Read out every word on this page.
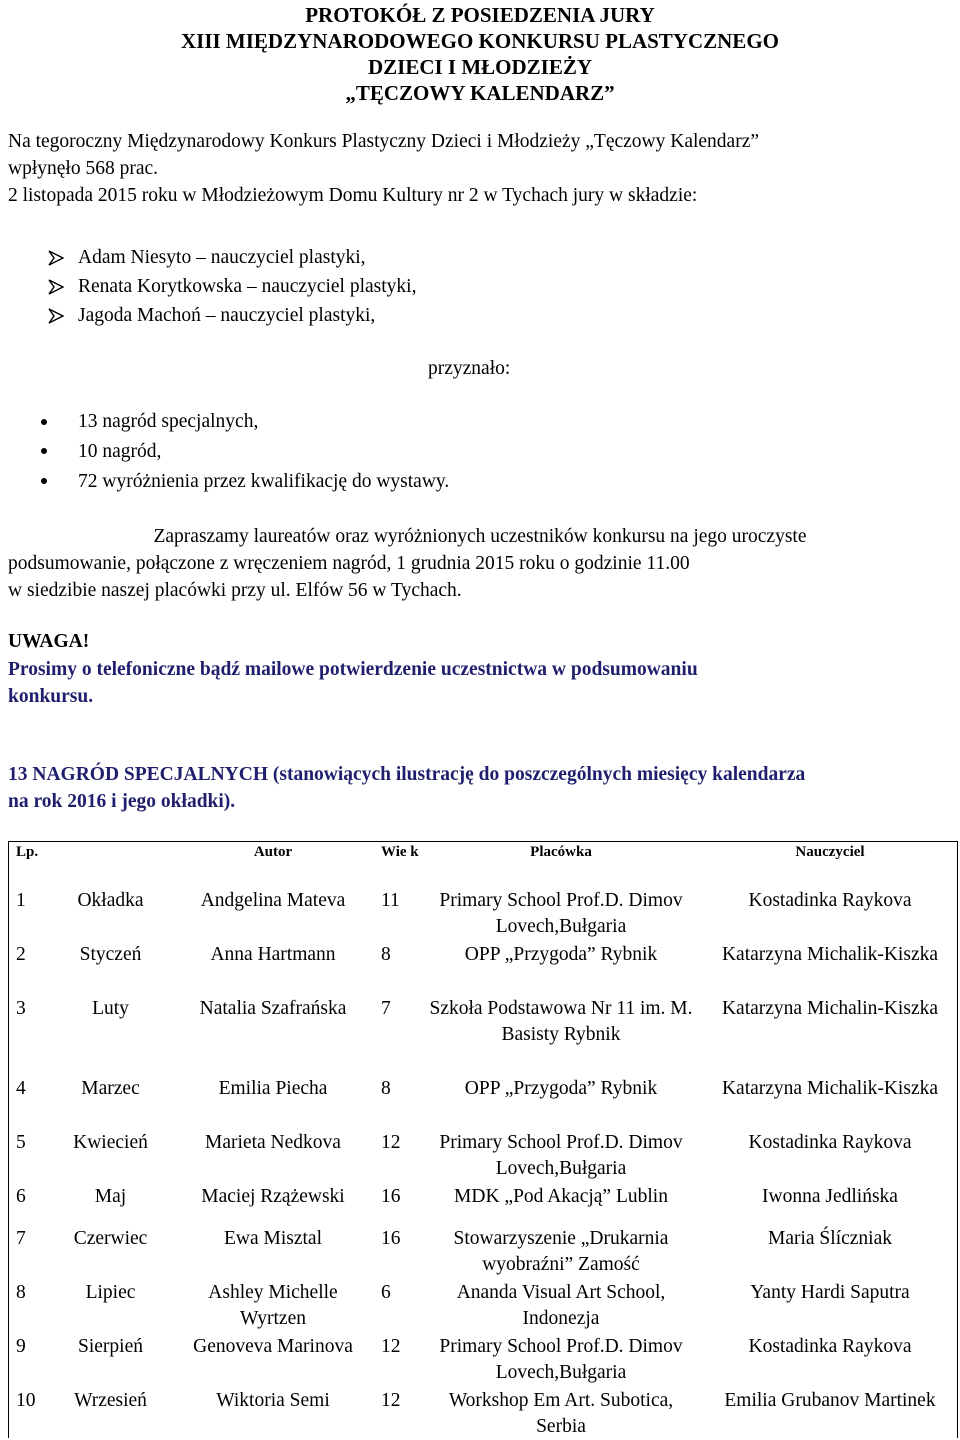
PROTOKÓŁ Z POSIEDZENIA JURY
XIII MIĘDZYNARODOWEGO KONKURSU PLASTYCZNEGO
DZIECI I MŁODZIEŻY
„TĘCZOWY KALENDARZ”
Na tegoroczny Międzynarodowy Konkurs Plastyczny Dzieci i Młodzieży „Tęczowy Kalendarz”
wpłynęło 568 prac.
2 listopada 2015 roku w Młodzieżowym Domu Kultury nr 2 w Tychach jury w składzie:
Adam Niesyto – nauczyciel plastyki,
Renata Korytkowska – nauczyciel plastyki,
Jagoda Machoń – nauczyciel plastyki,
przyznało:
13 nagród specjalnych,
10 nagród,
72 wyróżnienia przez kwalifikację do wystawy.
Zapraszamy laureatów oraz wyróżnionych uczestników konkursu na jego uroczyste
podsumowanie, połączone z wręczeniem nagród, 1 grudnia 2015 roku o godzinie 11.00
w siedzibie naszej placówki przy ul. Elfów 56 w Tychach.
UWAGA!
Prosimy o telefoniczne bądź mailowe potwierdzenie uczestnictwa w podsumowaniu
konkursu.
13 NAGRÓD SPECJALNYCH (stanowiących ilustrację do poszczególnych miesięcy kalendarza
na rok 2016 i jego okładki).
Lp.		Autor	Wie k	Placówka	Nauczyciel
1	Okładka	Andgelina Mateva	11	Primary School Prof.D. Dimov Lovech,Bułgaria	Kostadinka Raykova
2	Styczeń	Anna Hartmann	8	OPP „Przygoda” Rybnik	Katarzyna Michalik-Kiszka
3	Luty	Natalia Szafrańska	7	Szkoła Podstawowa Nr 11 im. M. Basisty Rybnik	Katarzyna Michalin-Kiszka
4	Marzec	Emilia Piecha	8	OPP „Przygoda” Rybnik	Katarzyna Michalik-Kiszka
5	Kwiecień	Marieta Nedkova	12	Primary School Prof.D. Dimov Lovech,Bułgaria	Kostadinka Raykova
6	Maj	Maciej Rzążewski	16	MDK „Pod Akacją” Lublin	Iwonna Jedlińska
7	Czerwiec	Ewa Misztal	16	Stowarzyszenie „Drukarnia wyobraźni” Zamość	Maria Ślíczniak
8	Lipiec	Ashley Michelle Wyrtzen	6	Ananda Visual Art School, Indonezja	Yanty Hardi Saputra
9	Sierpień	Genoveva Marinova	12	Primary School Prof.D. Dimov Lovech,Bułgaria	Kostadinka Raykova
10	Wrzesień	Wiktoria Semi	12	Workshop Em Art. Subotica, Serbia	Emilia Grubanov Martinek
